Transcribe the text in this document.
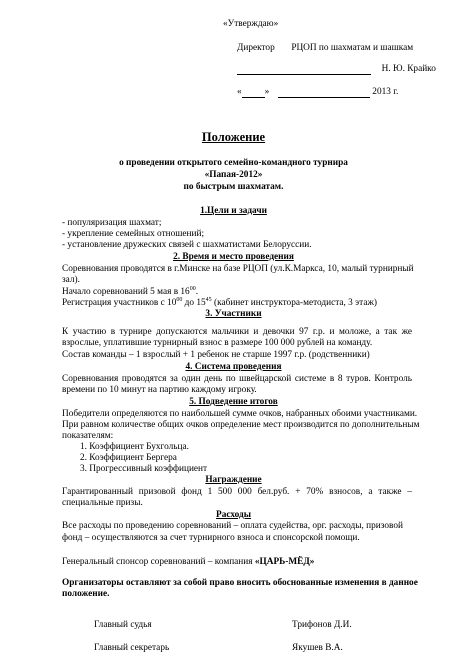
«Утверждаю»
Директор РЦОП по шахматам и шашкам
Н. Ю. Крайко
« »	2013 г.
Положение
о проведении открытого семейно-командного турнира
«Папая-2012»
по быстрым шахматам.
1.Цели и задачи
- популяризация шахмат;
- укрепление семейных отношений;
- установление дружеских связей с шахматистами Белоруссии.
2. Время и место проведения
Соревнования проводятся в г.Минске на базе РЦОП (ул.К.Маркса, 10, малый турнирный
зал).
Начало соревнований 5 мая в $16^{00}$.
Регистрация участников с $10^{00}$ до $15^{45}$ (кабинет инструктора-методиста, 3 этаж)
3. Участники
К участию в турнире допускаются мальчики и девочки 97 г.р. и моложе, а так же
взрослые, уплатившие турнирный взнос в размере 100 000 рублей на команду.
Состав команды – 1 взрослый + 1 ребенок не старше 1997 г.р. (родственники)
4. Система проведения
Соревнования проводятся за один день по швейцарской системе в 8 туров. Контроль
времени по 10 минут на партию каждому игроку.
5. Подведение итогов
Победители определяются по наибольшей сумме очков, набранных обоими участниками.
При равном количестве общих очков определение мест производится по дополнительным
показателям:
1. Коэффициент Бухгольца.
2. Коэффициент Бергера
3. Прогрессивный коэффициент
Награждение
Гарантированный призовой фонд 1 500 000 бел.руб. + 70% взносов, а также –
специальные призы.
Расходы
Все расходы по проведению соревнований – оплата судейства, орг. расходы, призовой
фонд – осуществляются за счет турнирного взноса и спонсорской помощи.
Генеральный спонсор соревнований – компания «ЦАРЬ-МЁД»
Организаторы оставляют за собой право вносить обоснованные изменения в данное
положение.
Главный судья	Трифонов Д.И.
Главный секретарь	Якушев В.А.
